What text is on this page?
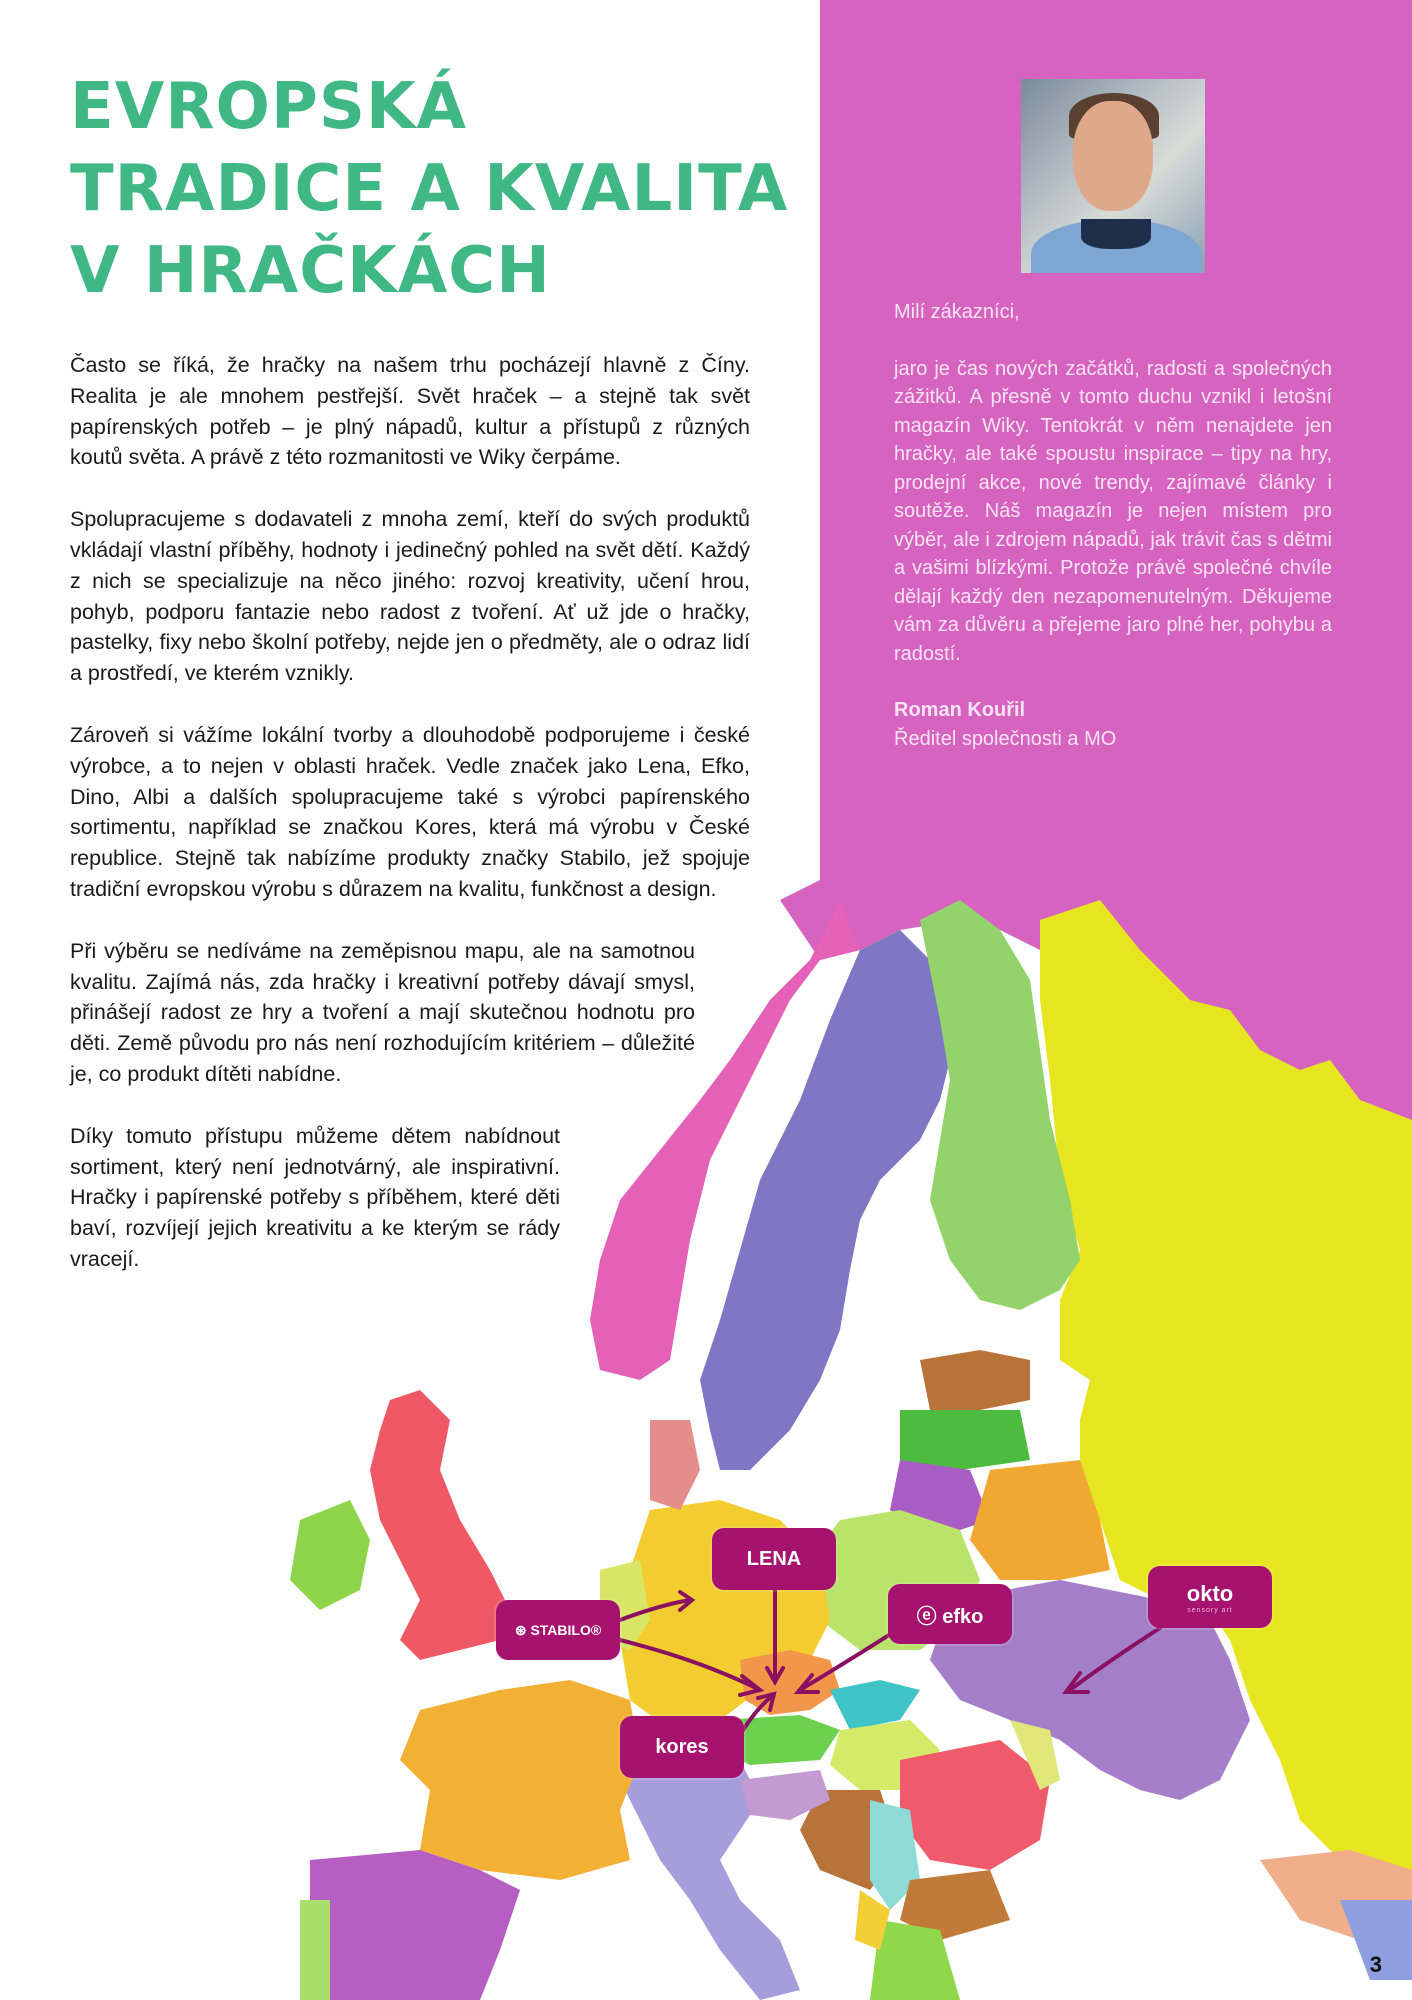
EVROPSKÁ
TRADICE A KVALITA
V HRAČKÁCH

Často se říká, že hračky na našem trhu pocházejí hlavně z Číny. Realita je ale mnohem pestřejší. Svět hraček – a stejně tak svět papírenských potřeb – je plný nápadů, kultur a přístupů z různých koutů světa. A právě z této rozmanitosti ve Wiky čerpáme.

Spolupracujeme s dodavateli z mnoha zemí, kteří do svých produktů vkládají vlastní příběhy, hodnoty i jedinečný pohled na svět dětí. Každý z nich se specializuje na něco jiného: rozvoj kreativity, učení hrou, pohyb, podporu fantazie nebo radost z tvoření. Ať už jde o hračky, pastelky, fixy nebo školní potřeby, nejde jen o předměty, ale o odraz lidí a prostředí, ve kterém vznikly.

Zároveň si vážíme lokální tvorby a dlouhodobě podporujeme i české výrobce, a to nejen v oblasti hraček. Vedle značek jako Lena, Efko, Dino, Albi a dalších spolupracujeme také s výrobci papírenského sortimentu, například se značkou Kores, která má výrobu v České republice. Stejně tak nabízíme produkty značky Stabilo, jež spojuje tradiční evropskou výrobu s důrazem na kvalitu, funkčnost a design.

Při výběru se nedíváme na zeměpisnou mapu, ale na samotnou kvalitu. Zajímá nás, zda hračky i kreativní potřeby dávají smysl, přinášejí radost ze hry a tvoření a mají skutečnou hodnotu pro děti. Země původu pro nás není rozhodujícím kritériem – důležité je, co produkt dítěti nabídne.

Díky tomuto přístupu můžeme dětem nabídnout sortiment, který není jednotvárný, ale inspirativní. Hračky i papírenské potřeby s příběhem, které děti baví, rozvíjejí jejich kreativitu a ke kterým se rády vracejí.

Milí zákazníci,

jaro je čas nových začátků, radosti a společných zážitků. A přesně v tomto duchu vznikl i letošní magazín Wiky. Tentokrát v něm nenajdete jen hračky, ale také spoustu inspirace – tipy na hry, prodejní akce, nové trendy, zajímavé články i soutěže. Náš magazín je nejen místem pro výběr, ale i zdrojem nápadů, jak trávit čas s dětmi a vašimi blízkými. Protože právě společné chvíle dělají každý den nezapomenutelným. Děkujeme vám za důvěru a přejeme jaro plné her, pohybu a radostí.

Roman Kouřil

Ředitel společnosti a MO

⊛ STABILO®
LENA
ⓔ efko
okto
sensory art
kores
3
